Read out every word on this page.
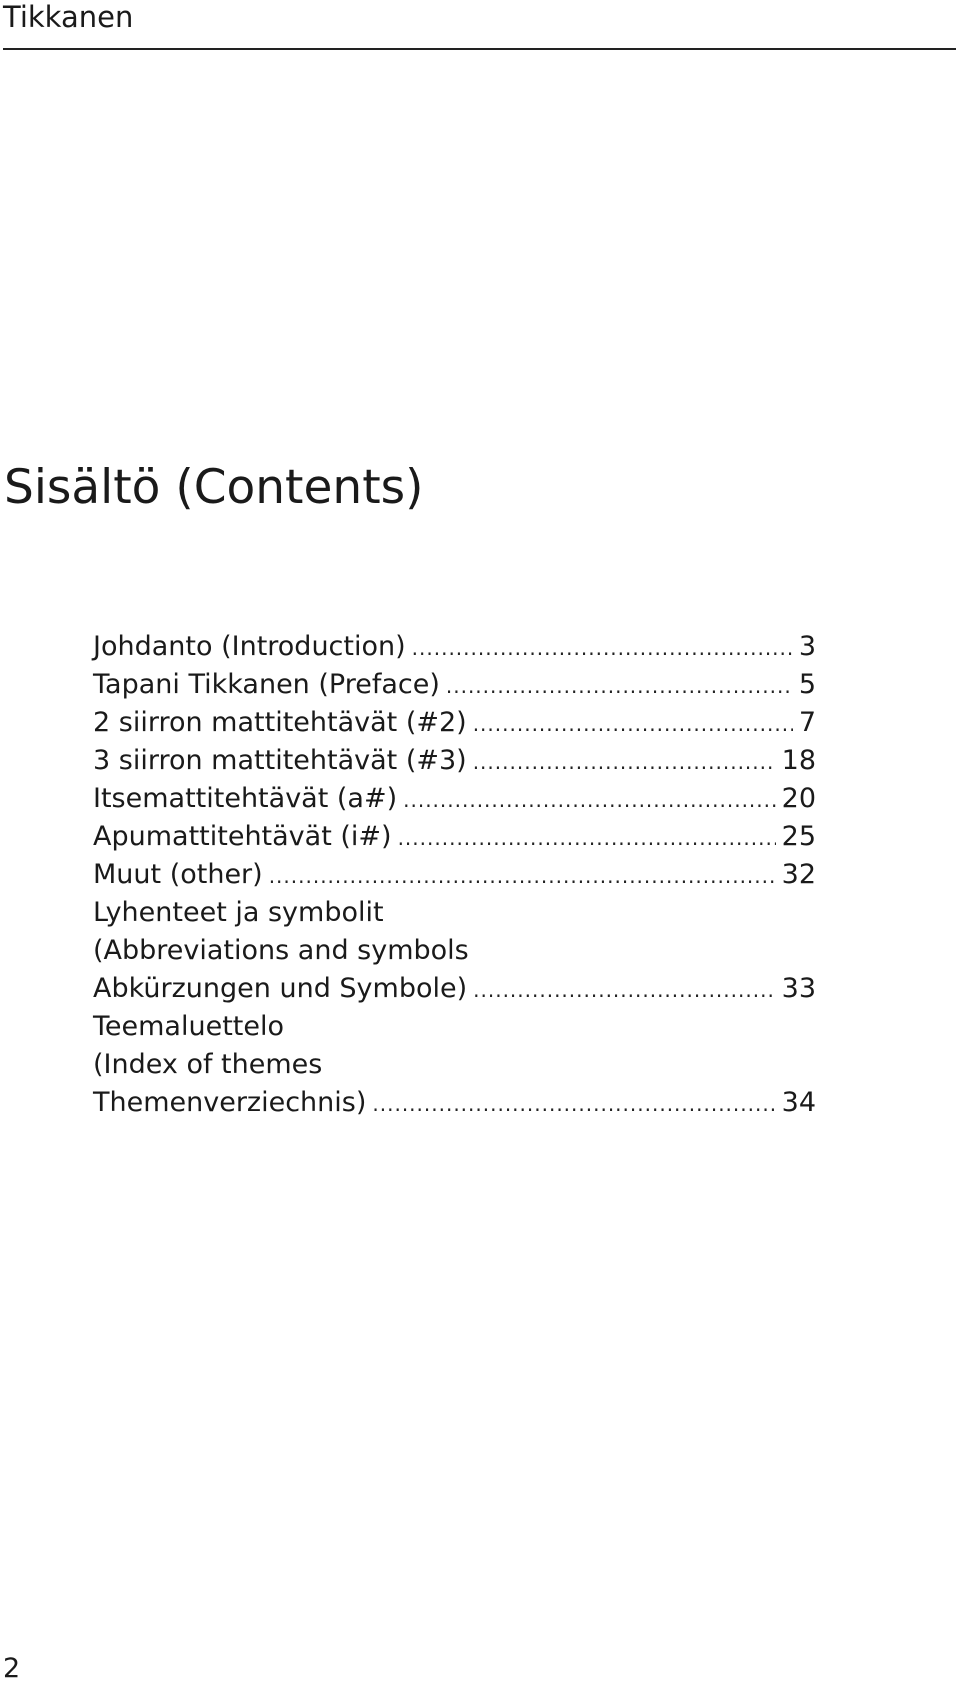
Tikkanen
Sisältö (Contents)
Johdanto (Introduction) .....	3
Tapani Tikkanen (Preface) .....	5
2 siirron mattitehtävät (#2) .....	7
3 siirron mattitehtävät (#3) .....	18
Itsemattitehtävät (a#) .....	20
Apumattitehtävät (i#) .....	25
Muut (other) .....	32
Lyhenteet ja symbolit
(Abbreviations and symbols
Abkürzungen und Symbole) .....	33
Teemaluettelo
(Index of themes
Themenverziechnis) .....	34
2
